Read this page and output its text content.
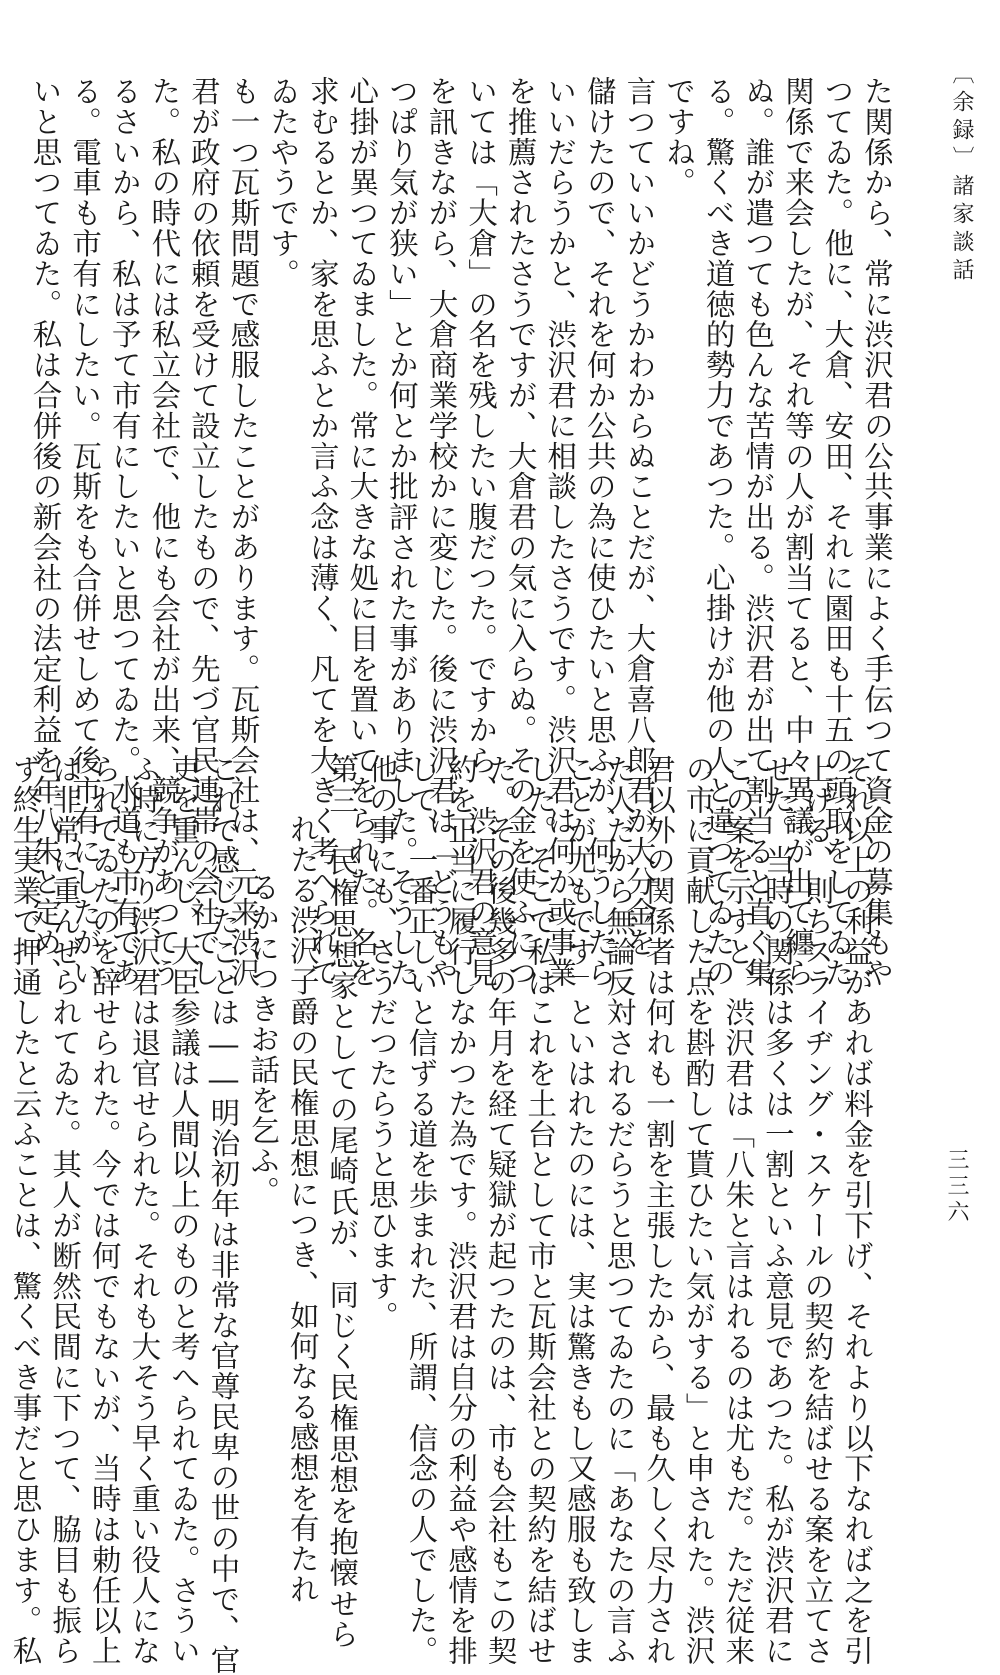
〔余録〕諸家談話
三三六
た関係から、常に渋沢君の公共事業によく手伝つて資金の募集もや
つてゐた。他に、大倉、安田、それに園田も十五の頭取をしてゐた
関係で来会したが、それ等の人が割当てると、中々異議が出て纏ら
ぬ。誰が遣つても色んな苦情が出る。渋沢君が出て割当ると直ぐ集
る。驚くべき道徳的勢力であつた。心掛けが他の人と違つてゐたの
ですね。
言つていいかどうかわからぬことだが、大倉喜八郎君が大分金を
儲けたので、それを何か公共の為に使ひたいと思ふが、何うしたら
いいだらうかと、渋沢君に相談したさうです。渋沢君は何か或事業
を推薦されたさうですが、大倉君の気に入らぬ。その金を使ふにつ
いては「大倉」の名を残したい腹だつた。ですから、渋沢君の意見
を訊きながら、大倉商業学校かに変じた。後に渋沢君は「どうもや
つぱり気が狭い」とか何とか批評された事がありました。そうした
心掛が異つてゐました。常に大きな処に目を置いてをられた。名を
求むるとか、家を思ふとか言ふ念は薄く、凡てを大きく考へられて
ゐたやうです。
も一つ瓦斯問題で感服したことがあります。瓦斯会社は、元来渋沢
君が政府の依頼を受けて設立したもので、先づ官民連帯の会社でし
た。私の時代には私立会社で、他にも会社が出来、競争があつてう
るさいから、私は予て市有にしたいと思つてゐた。水道も市有であ
る。電車も市有にしたい。瓦斯をも合併せしめて後市有にしたがい
いと思つてゐた。私は合併後の新会社の法定利益を年八朱と定め、
それ以上の利益があれば料金を引下げ、それより以下なれば之を引
上げる、則ちスライヂング・スケールの契約を結ばせる案を立てさ
せた。当時の関係は多くは一割といふ意見であつた。私が渋沢君に
この案を示すと、渋沢君は「八朱と言はれるのは尤もだ。ただ従来
の市に貢献した点を斟酌して貰ひたい気がする」と申された。渋沢
君以外の関係者は何れも一割を主張したから、最も久しく尽力され
た人だから無論反対されるだらうと思つてゐたのに「あなたの言ふ
ことが尤もです」といはれたのには、実は驚きもし又感服も致しま
した。そこで私はこれを土台として市と瓦斯会社との契約を結ばせ
た。その後幾多の年月を経て疑獄が起つたのは、市も会社もこの契
約を正当に履行しなかつた為です。渋沢君は自分の利益や感情を排
して、一番正しいと信ずる道を歩まれた、所謂、信念の人でした。
他の事にも、さうだつたらうと思ひます。
第三　民権思想家としての尾崎氏が、同じく民権思想を抱懐せら
れたる渋沢子爵の民権思想につき、如何なる感想を有たれ
るかにつきお話を乞ふ。
これで感じたことは――明治初年は非常な官尊民卑の世の中で、官
吏を重んじ、大臣参議は人間以上のものと考へられてゐた。さうい
ふ時に方り渋沢君は退官せられた。それも大そう早く重い役人にな
られてゐたのを辞せられた。今では何でもないが、当時は勅任以上
は非常に重んぜられてゐた。其人が断然民間に下つて、脇目も振ら
ず終生実業で押通したと云ふことは、驚くべき事だと思ひます。私
